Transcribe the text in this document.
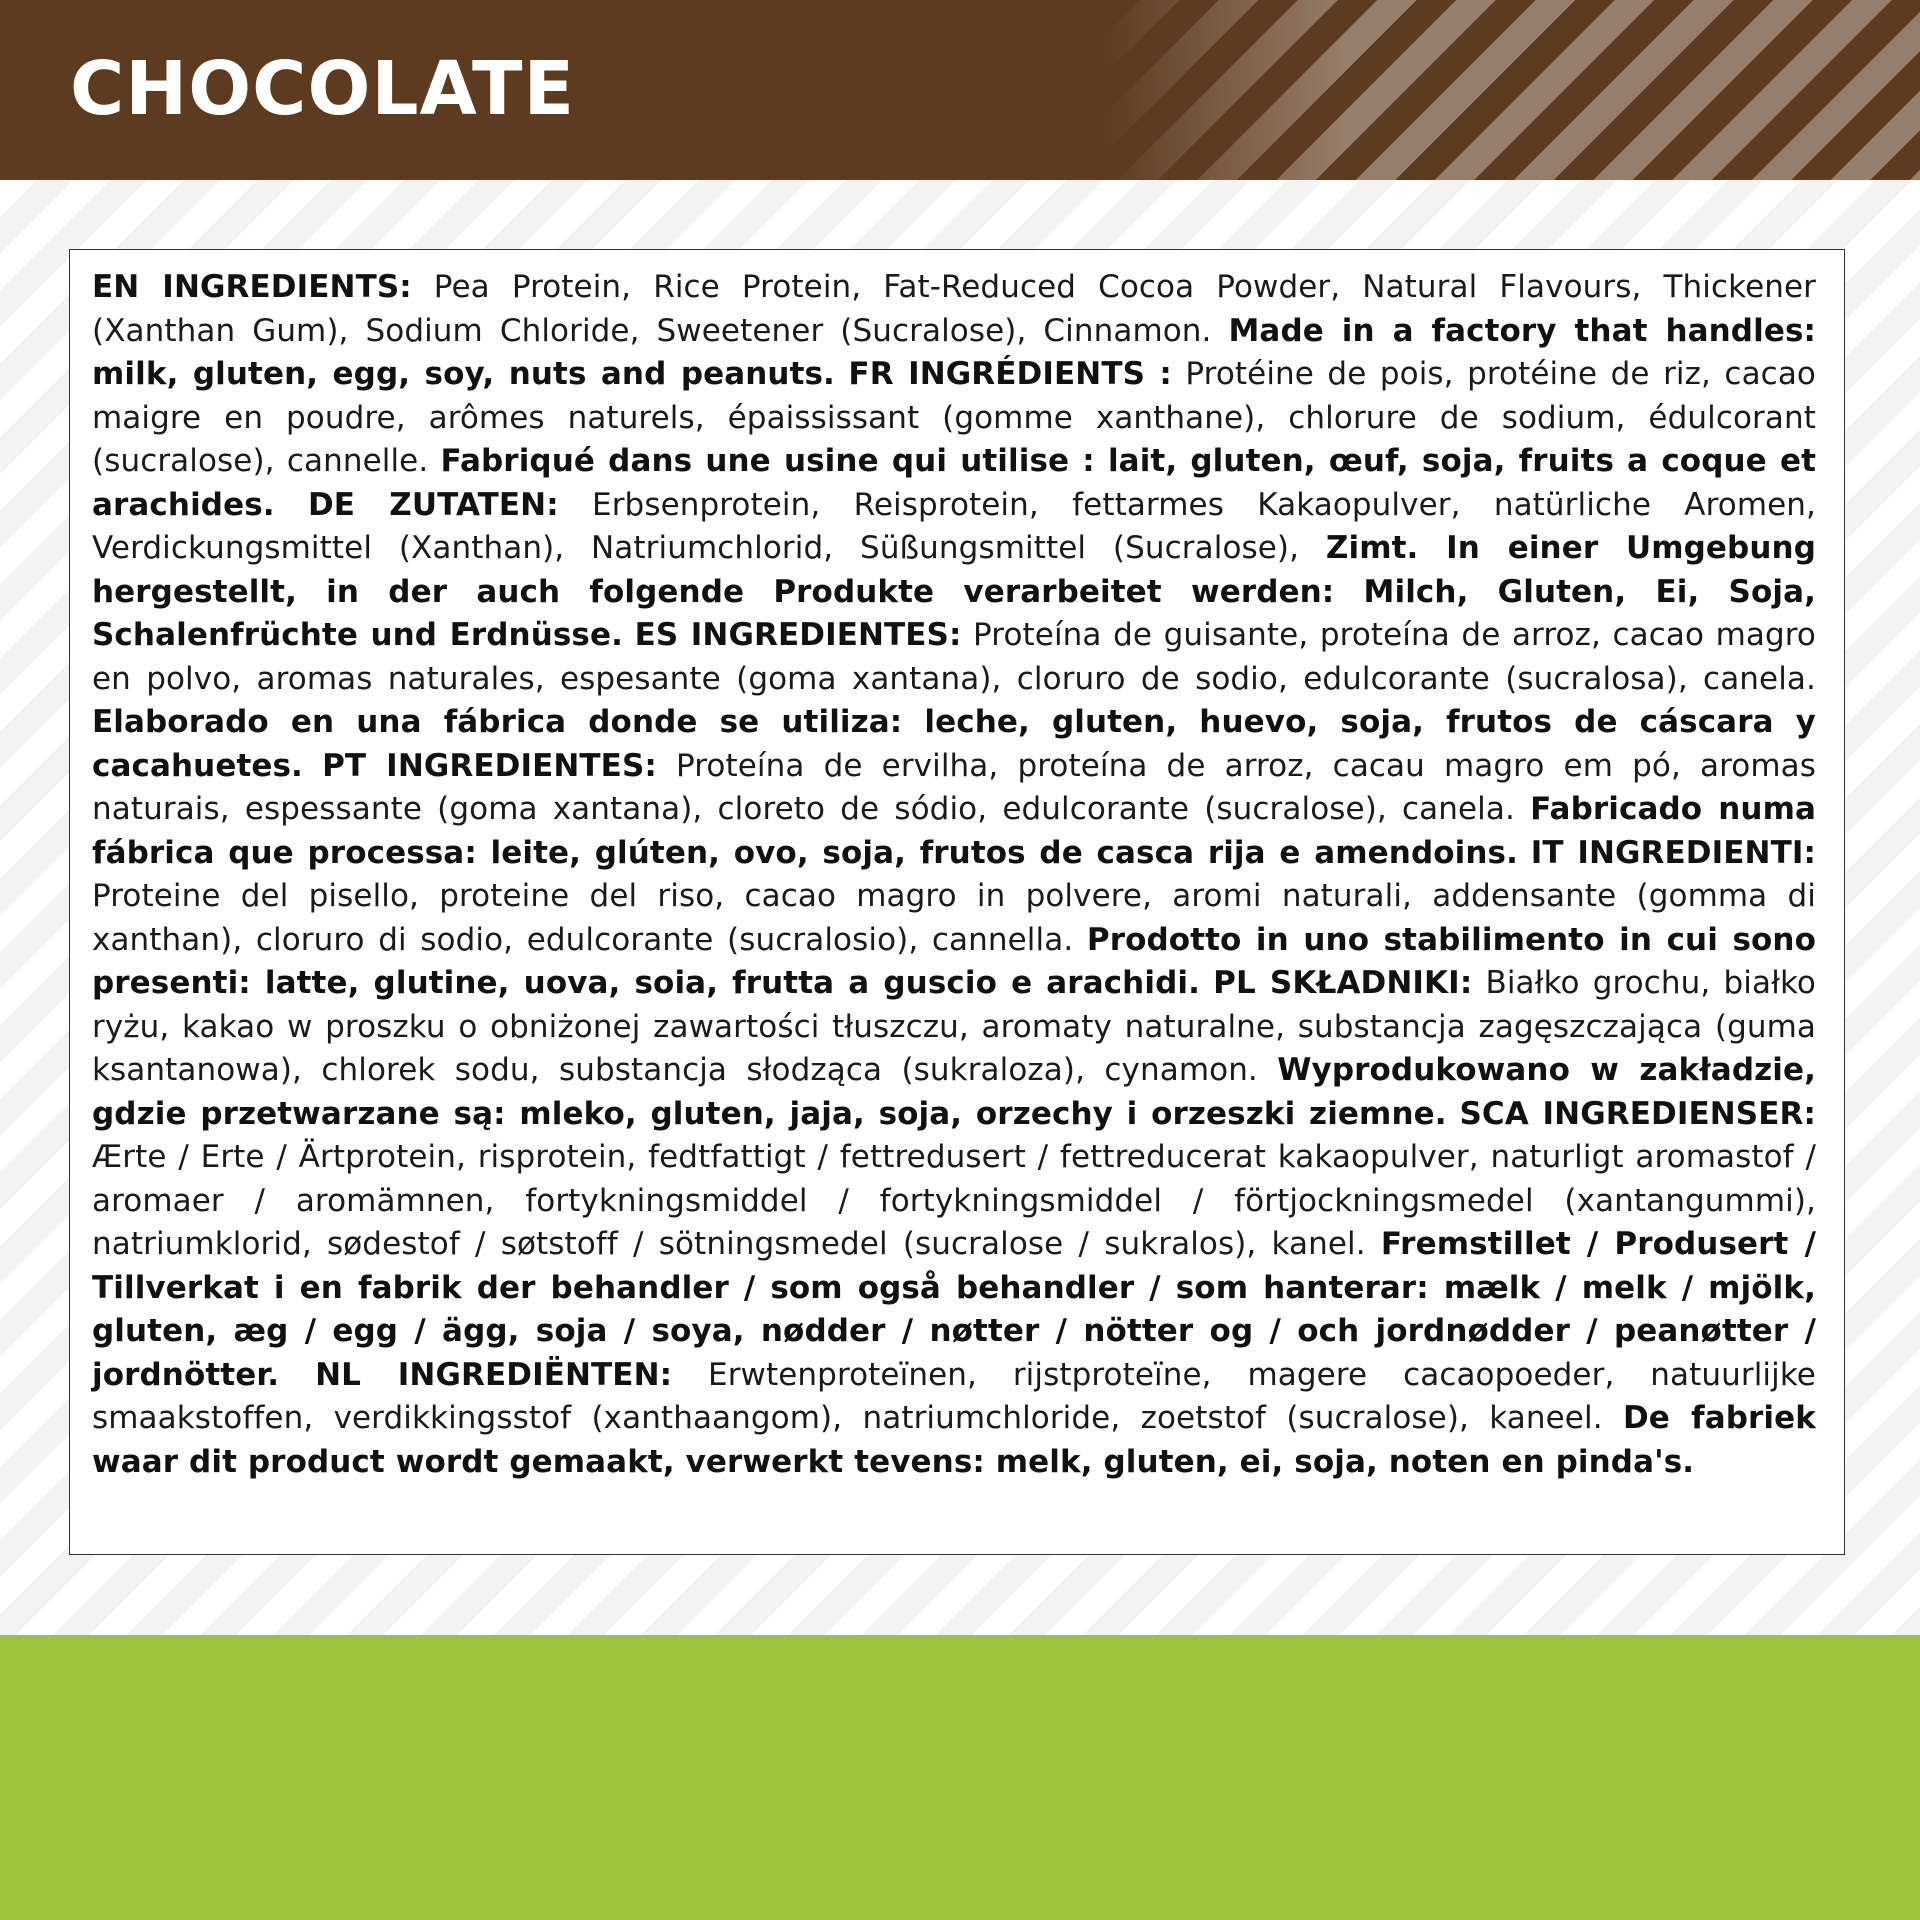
CHOCOLATE

EN INGREDIENTS: Pea Protein, Rice Protein, Fat-Reduced Cocoa Powder, Natural Flavours, Thickener (Xanthan Gum), Sodium Chloride, Sweetener (Sucralose), Cinnamon. Made in a factory that handles: milk, gluten, egg, soy, nuts and peanuts. FR INGRÉDIENTS : Protéine de pois, protéine de riz, cacao maigre en poudre, arômes naturels, épaississant (gomme xanthane), chlorure de sodium, édulcorant (sucralose), cannelle. Fabriqué dans une usine qui utilise : lait, gluten, œuf, soja, fruits a coque et arachides. DE ZUTATEN: Erbsenprotein, Reisprotein, fettarmes Kakaopulver, natürliche Aromen, Verdickungsmittel (Xanthan), Natriumchlorid, Süßungsmittel (Sucralose), Zimt. In einer Umgebung hergestellt, in der auch folgende Produkte verarbeitet werden: Milch, Gluten, Ei, Soja, Schalenfrüchte und Erdnüsse. ES INGREDIENTES: Proteína de guisante, proteína de arroz, cacao magro en polvo, aromas naturales, espesante (goma xantana), cloruro de sodio, edulcorante (sucralosa), canela. Elaborado en una fábrica donde se utiliza: leche, gluten, huevo, soja, frutos de cáscara y cacahuetes. PT INGREDIENTES: Proteína de ervilha, proteína de arroz, cacau magro em pó, aromas naturais, espessante (goma xantana), cloreto de sódio, edulcorante (sucralose), canela. Fabricado numa fábrica que processa: leite, glúten, ovo, soja, frutos de casca rija e amendoins. IT INGREDIENTI: Proteine del pisello, proteine del riso, cacao magro in polvere, aromi naturali, addensante (gomma di xanthan), cloruro di sodio, edulcorante (sucralosio), cannella. Prodotto in uno stabilimento in cui sono presenti: latte, glutine, uova, soia, frutta a guscio e arachidi. PL SKŁADNIKI: Białko grochu, białko ryżu, kakao w proszku o obniżonej zawartości tłuszczu, aromaty naturalne, substancja zagęszczająca (guma ksantanowa), chlorek sodu, substancja słodząca (sukraloza), cynamon. Wyprodukowano w zakładzie, gdzie przetwarzane są: mleko, gluten, jaja, soja, orzechy i orzeszki ziemne. SCA INGREDIENSER: Ærte / Erte / Ärtprotein, risprotein, fedtfattigt / fettredusert / fettreducerat kakaopulver, naturligt aromastof / aromaer / aromämnen, fortykningsmiddel / fortykningsmiddel / förtjockningsmedel (xantangummi), natriumklorid, sødestof / søtstoff / sötningsmedel (sucralose / sukralos), kanel. Fremstillet / Produsert / Tillverkat i en fabrik der behandler / som også behandler / som hanterar: mælk / melk / mjölk, gluten, æg / egg / ägg, soja / soya, nødder / nøtter / nötter og / och jordnødder / peanøtter / jordnötter. NL INGREDIËNTEN: Erwtenproteïnen, rijstproteïne, magere cacaopoeder, natuurlijke smaakstoffen, verdikkingsstof (xanthaangom), natriumchloride, zoetstof (sucralose), kaneel. De fabriek waar dit product wordt gemaakt, verwerkt tevens: melk, gluten, ei, soja, noten en pinda's.
